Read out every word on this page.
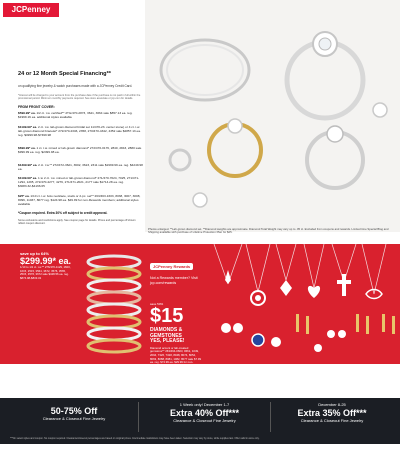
JCPenney
24 or 12 Month Special Financing**
on qualifying fine jewelry & watch purchases made with a JCPenney Credit Card.
*Interest will be charged to your account from the purchase date if the purchase is not paid in full within the promotional period. Minimum monthly payments required. See store associate or jcp.com for details.
FROM FRONT COVER:
$599.99* ea. 1/2 ct. t.w. certified** 2TG/470-2873, 3641, 3664 sale $857.13 ea. reg. $1999.16 ea. additional styles available
$1199.99* ea. 2 ct. t.w. lab-grown diamond bridal set 11/470-23. center stone) or 4 ct. t.w. lab-grown diamond bracelet* 272/470-2346, 2358, 270/470-4342, 4352 sale $2857.13 ea. reg. $4999.98-$7499.98
$699.99* ea. 1 ct. t.w. mined or lab-grown diamond* 272/470-0176, 2840, 2843, 2880 sale $999.99 ea. reg. $2499.98 ea.
$1299.99* ea. 2 ct. t.w.** 272/472-3621, 3602, 3623, 2311 sale $1999.99 ea. reg. $4249.98 ea.
$1199.99* ea. 1 to 2 ct. t.w. mined or lab-grown diamond* 271/470-7024, 7025, 271/471-1294, 1295, 272/470-4277, 4279, 271/471-2021, 2177 sale $1714.28 ea. reg. $3083.32-$4166.65
$25* ea. 1/10 ct. t.w. bolo necklace, studs or 2-pc. set** 263/463-1603, 8038, 3007, 3008, 8096, 11037, 8077 reg. $124.98 ea. $49.99 for non-Rewards members; additional styles available
*Coupon required. Extra 30% off subject to credit approval.
Some exclusions and restrictions apply. See coupon page for details. Prices and percentage off shown reflect coupon discount.
Photos enlarged. **Lab-grown diamond set. **Diamond weights are approximate. Diamond Total Weight may vary up to .05 ct. Excluded from coupons and rewards. Limited time Special Blog and Shipping available with purchase of Lifetime Protection Plan for $25.
save up to 64%
$299.99* ea.
1/10 to 1/2 ct. t.w.** 276/470-1129, 1603, 1615, 2515, 3564, 3672, 3576, 3565, 2515, 3576, 3672 sale $428.56 ea. reg. $874.98-$833.32
JCPenney Rewards
Not a Rewards member? Visit jcp.com/rewards
save 50%
$15 DIAMONDS & GEMSTONES YES, PLEASE!
Diamond accent or lab-created gemstone** 263/464-0603, 0661, 1049, 2094, 7326, 7328, 8048, 8074, 8054, 8063, 8088, 8081, 1082, 8077 sale $7.99 ea. reg. $74.99 ea. $29.99 for non-Rewards members; additional styles available
50-75% Off
Clearance & Closeout Fine Jewelry
1 Week only! December 1-7
Extra 40% Off***
Clearance & Closeout Fine Jewelry
December 8-25
Extra 35% Off***
Clearance & Closeout Fine Jewelry
***On select styles and coupon. No coupon required. Clearance/closeout percentages are based on original prices. Intermediate markdowns may have been taken. Selection may vary by store, while supplies last. Offer valid in-store only.
